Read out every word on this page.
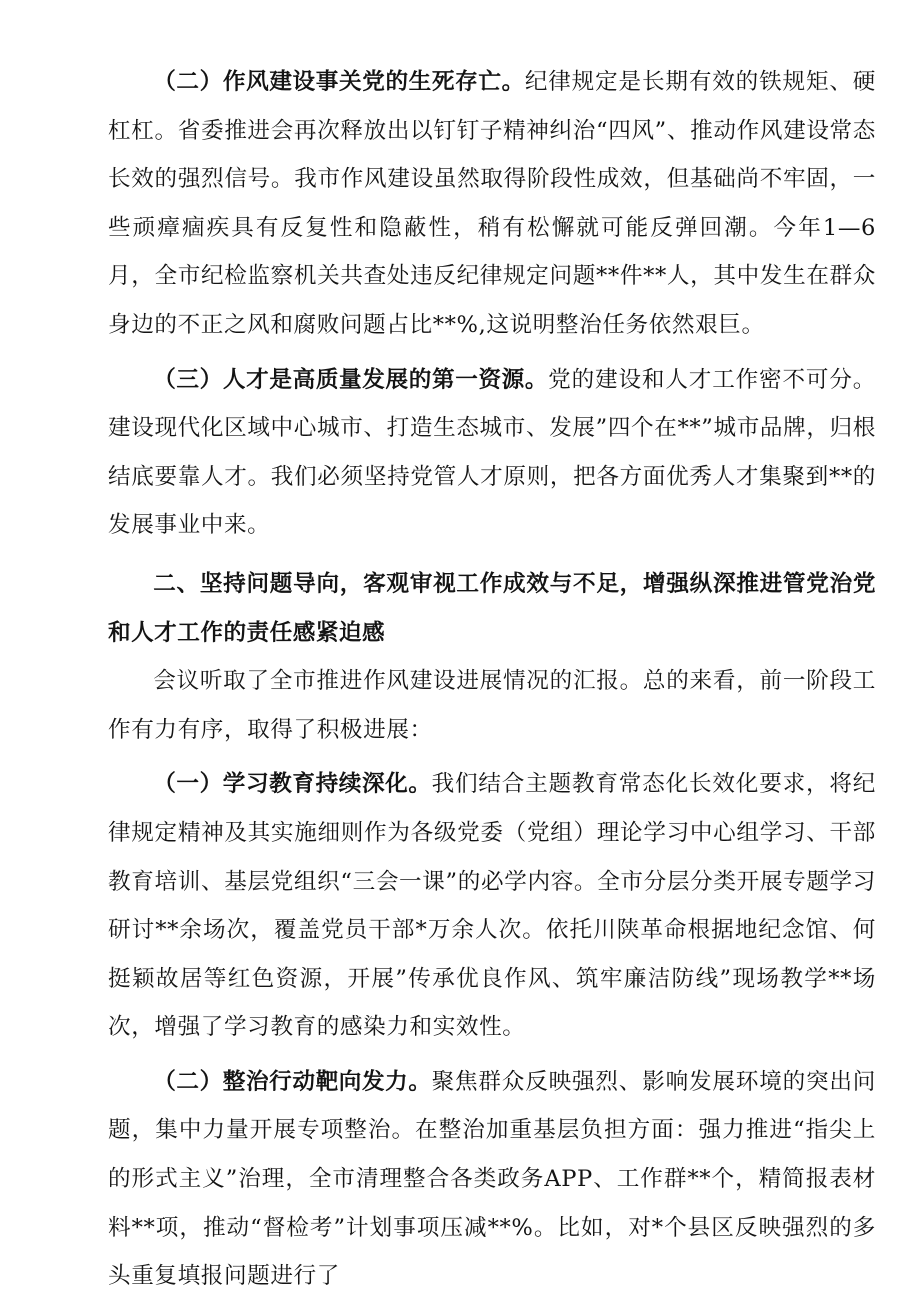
（二）作风建设事关党的生死存亡。纪律规定是长期有效的铁规矩、硬杠杠。省委推进会再次释放出以钉钉子精神纠治“四风”、推动作风建设常态长效的强烈信号。我市作风建设虽然取得阶段性成效，但基础尚不牢固，一些顽瘴痼疾具有反复性和隐蔽性，稍有松懈就可能反弹回潮。今年1—6月，全市纪检监察机关共查处违反纪律规定问题**件**人，其中发生在群众身边的不正之风和腐败问题占比**%,这说明整治任务依然艰巨。

（三）人才是高质量发展的第一资源。党的建设和人才工作密不可分。建设现代化区域中心城市、打造生态城市、发展”四个在**”城市品牌，归根结底要靠人才。我们必须坚持党管人才原则，把各方面优秀人才集聚到**的发展事业中来。

二、坚持问题导向，客观审视工作成效与不足，增强纵深推进管党治党和人才工作的责任感紧迫感

会议听取了全市推进作风建设进展情况的汇报。总的来看，前一阶段工作有力有序，取得了积极进展：

（一）学习教育持续深化。我们结合主题教育常态化长效化要求，将纪律规定精神及其实施细则作为各级党委（党组）理论学习中心组学习、干部教育培训、基层党组织“三会一课”的必学内容。全市分层分类开展专题学习研讨**余场次，覆盖党员干部*万余人次。依托川陕革命根据地纪念馆、何挺颖故居等红色资源，开展”传承优良作风、筑牢廉洁防线”现场教学**场次，增强了学习教育的感染力和实效性。

（二）整治行动靶向发力。聚焦群众反映强烈、影响发展环境的突出问题，集中力量开展专项整治。在整治加重基层负担方面：强力推进“指尖上的形式主义”治理，全市清理整合各类政务APP、工作群**个，精简报表材料**项，推动“督检考”计划事项压减**%。比如，对*个县区反映强烈的多头重复填报问题进行了
